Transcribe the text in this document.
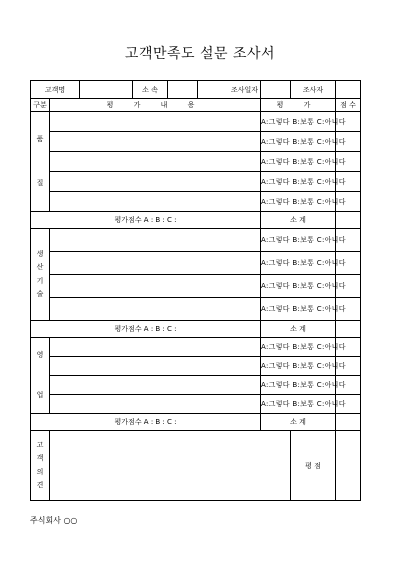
고객만족도 설문 조사서
고객명			소 속		조사일자		조사자	
구분	평 가 내 용					평 가		점 수

품
질						A:그렇다 B:보통 C:아니다		
						A:그렇다 B:보통 C:아니다		
						A:그렇다 B:보통 C:아니다		
						A:그렇다 B:보통 C:아니다		
						A:그렇다 B:보통 C:아니다		
평가점수 A : B : C :						소 계		

생
산
기
술						A:그렇다 B:보통 C:아니다		
						A:그렇다 B:보통 C:아니다		
						A:그렇다 B:보통 C:아니다		
						A:그렇다 B:보통 C:아니다		
평가점수 A : B : C :						소 계		

영
업						A:그렇다 B:보통 C:아니다		
						A:그렇다 B:보통 C:아니다		
						A:그렇다 B:보통 C:아니다		
						A:그렇다 B:보통 C:아니다		
평가점수 A : B : C :						소 계		

고
객
의
견							평 점	
주식회사 ○○
